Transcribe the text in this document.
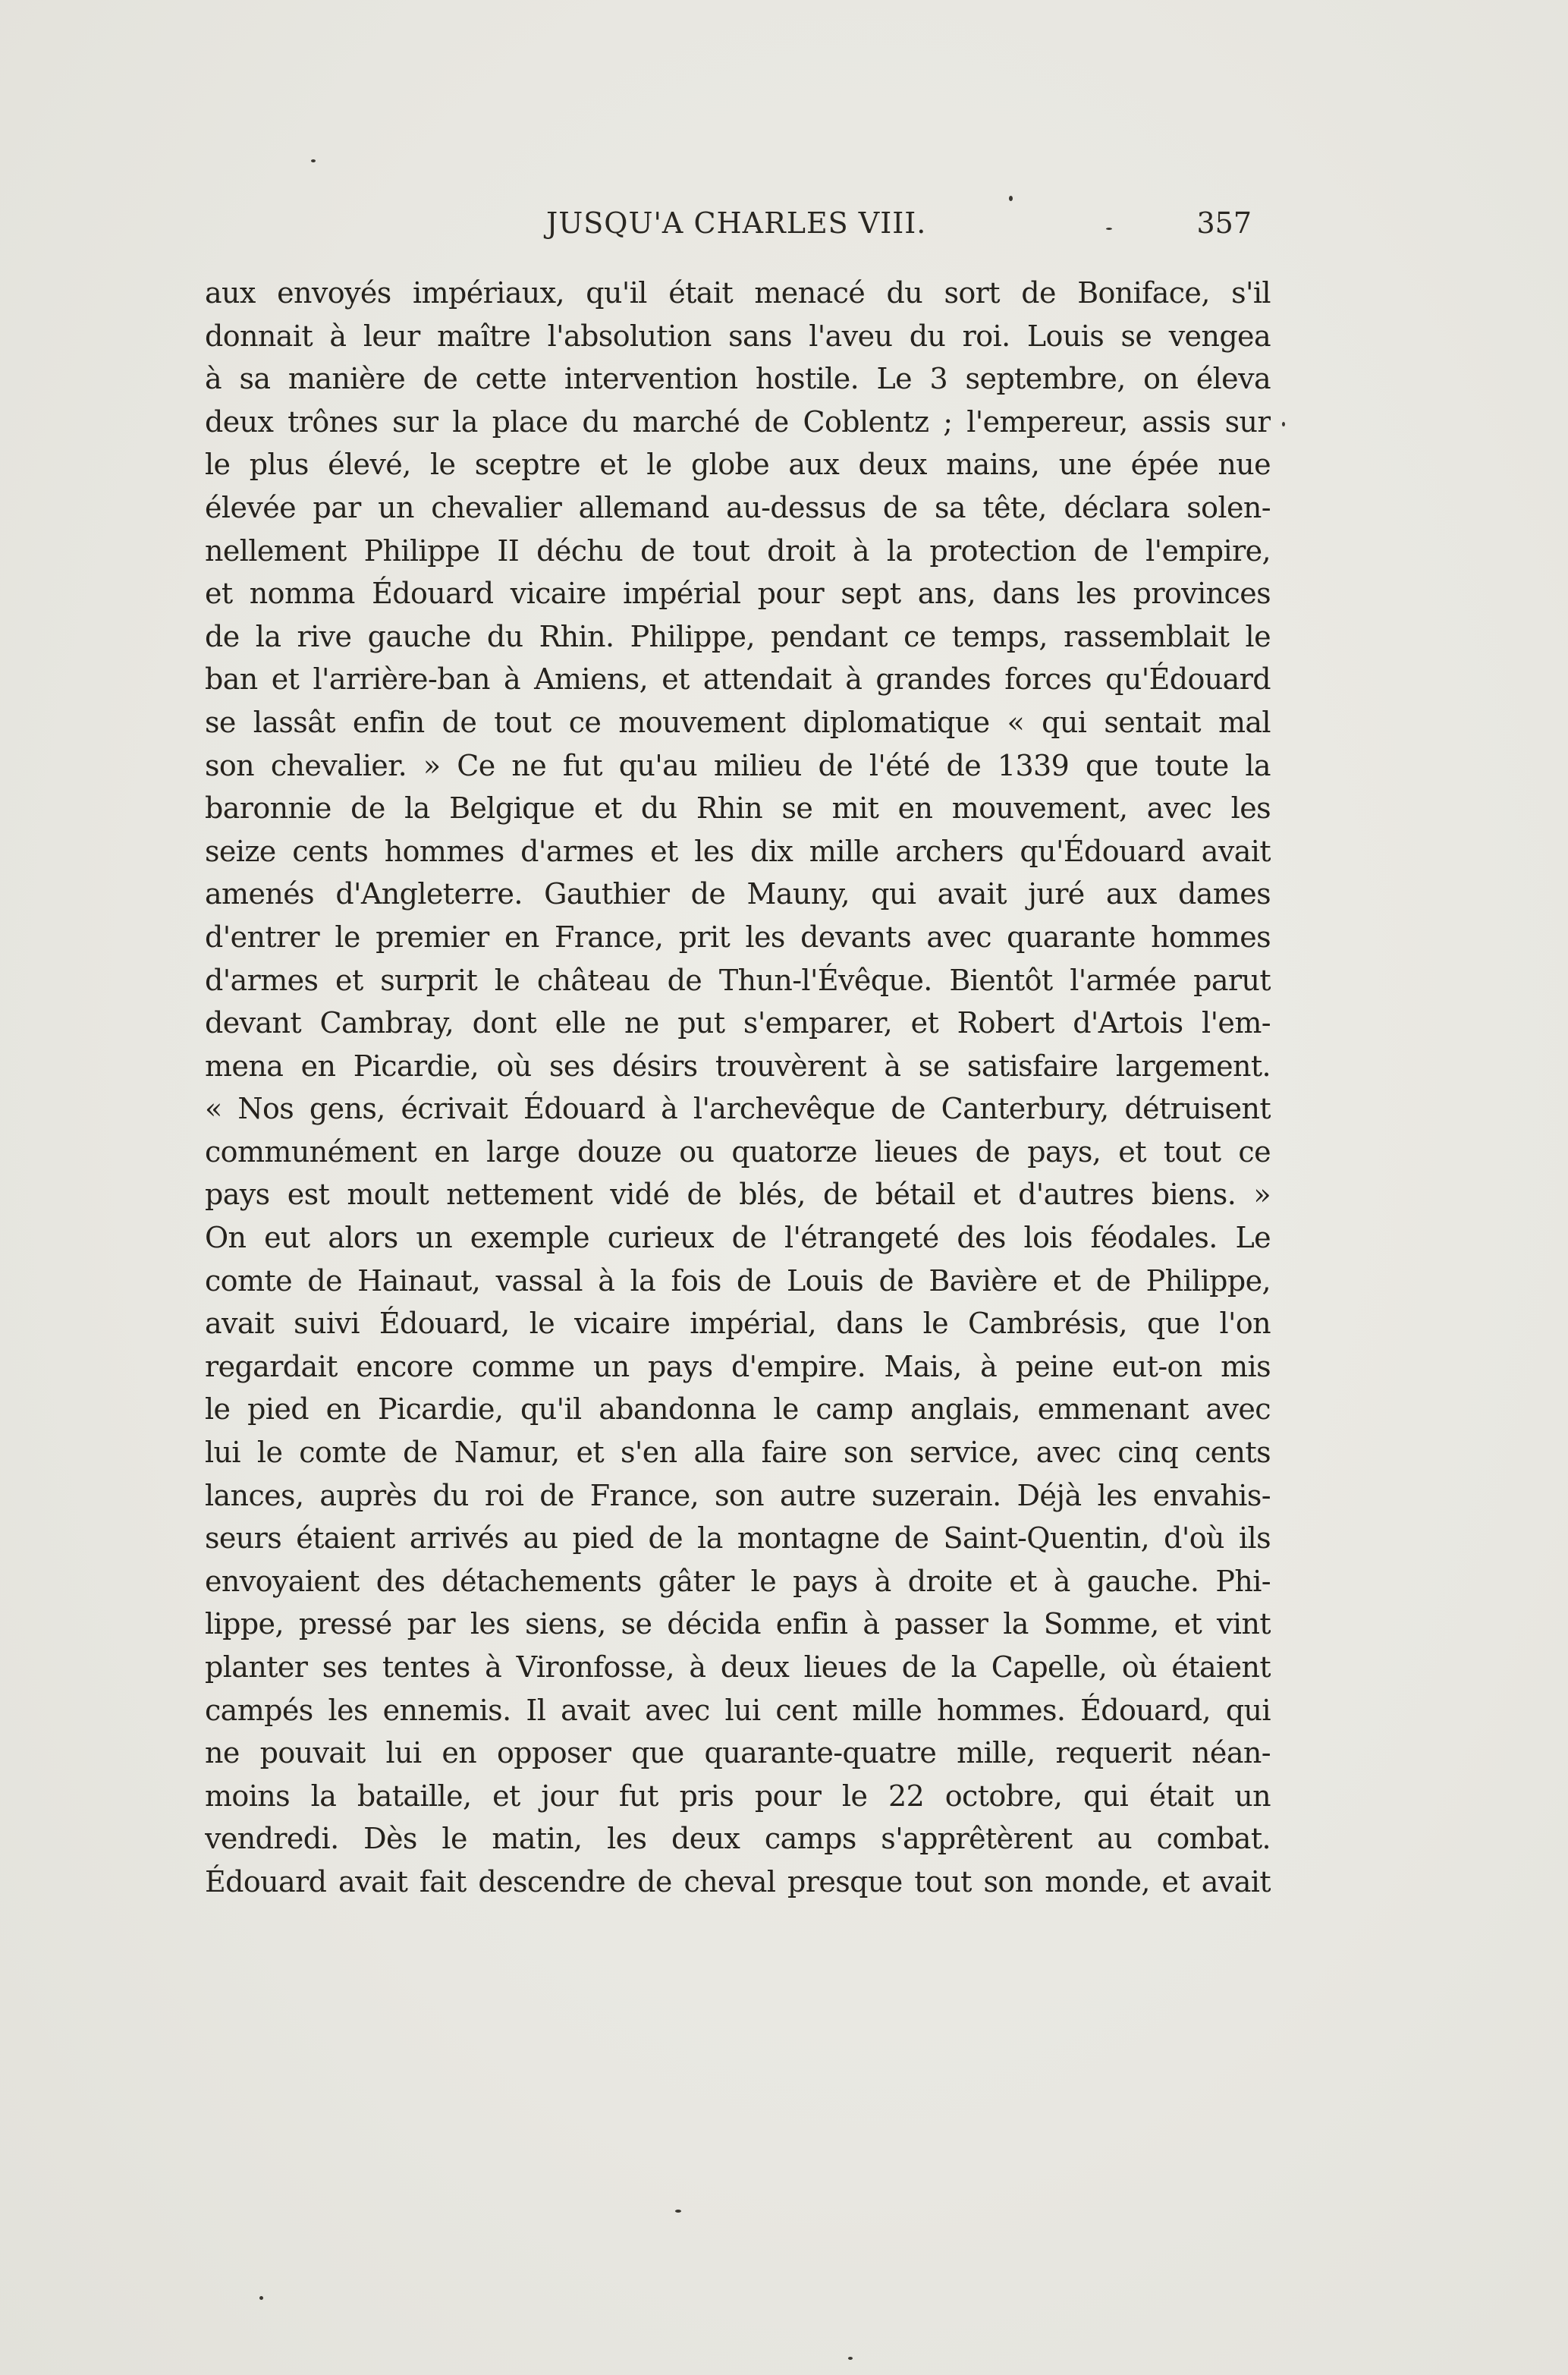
JUSQU'A CHARLES VIII.	357
aux envoyés impériaux, qu'il était menacé du sort de Boniface, s'il
donnait à leur maître l'absolution sans l'aveu du roi. Louis se vengea
à sa manière de cette intervention hostile. Le 3 septembre, on éleva
deux trônes sur la place du marché de Coblentz ; l'empereur, assis sur
le plus élevé, le sceptre et le globe aux deux mains, une épée nue
élevée par un chevalier allemand au-dessus de sa tête, déclara solen-
nellement Philippe II déchu de tout droit à la protection de l'empire,
et nomma Édouard vicaire impérial pour sept ans, dans les provinces
de la rive gauche du Rhin. Philippe, pendant ce temps, rassemblait le
ban et l'arrière-ban à Amiens, et attendait à grandes forces qu'Édouard
se lassât enfin de tout ce mouvement diplomatique « qui sentait mal
son chevalier. » Ce ne fut qu'au milieu de l'été de 1339 que toute la
baronnie de la Belgique et du Rhin se mit en mouvement, avec les
seize cents hommes d'armes et les dix mille archers qu'Édouard avait
amenés d'Angleterre. Gauthier de Mauny, qui avait juré aux dames
d'entrer le premier en France, prit les devants avec quarante hommes
d'armes et surprit le château de Thun-l'Évêque. Bientôt l'armée parut
devant Cambray, dont elle ne put s'emparer, et Robert d'Artois l'em-
mena en Picardie, où ses désirs trouvèrent à se satisfaire largement.
« Nos gens, écrivait Édouard à l'archevêque de Canterbury, détruisent
communément en large douze ou quatorze lieues de pays, et tout ce
pays est moult nettement vidé de blés, de bétail et d'autres biens. »
On eut alors un exemple curieux de l'étrangeté des lois féodales. Le
comte de Hainaut, vassal à la fois de Louis de Bavière et de Philippe,
avait suivi Édouard, le vicaire impérial, dans le Cambrésis, que l'on
regardait encore comme un pays d'empire. Mais, à peine eut-on mis
le pied en Picardie, qu'il abandonna le camp anglais, emmenant avec
lui le comte de Namur, et s'en alla faire son service, avec cinq cents
lances, auprès du roi de France, son autre suzerain. Déjà les envahis-
seurs étaient arrivés au pied de la montagne de Saint-Quentin, d'où ils
envoyaient des détachements gâter le pays à droite et à gauche. Phi-
lippe, pressé par les siens, se décida enfin à passer la Somme, et vint
planter ses tentes à Vironfosse, à deux lieues de la Capelle, où étaient
campés les ennemis. Il avait avec lui cent mille hommes. Édouard, qui
ne pouvait lui en opposer que quarante-quatre mille, requerit néan-
moins la bataille, et jour fut pris pour le 22 octobre, qui était un
vendredi. Dès le matin, les deux camps s'apprêtèrent au combat.
Édouard avait fait descendre de cheval presque tout son monde, et avait
